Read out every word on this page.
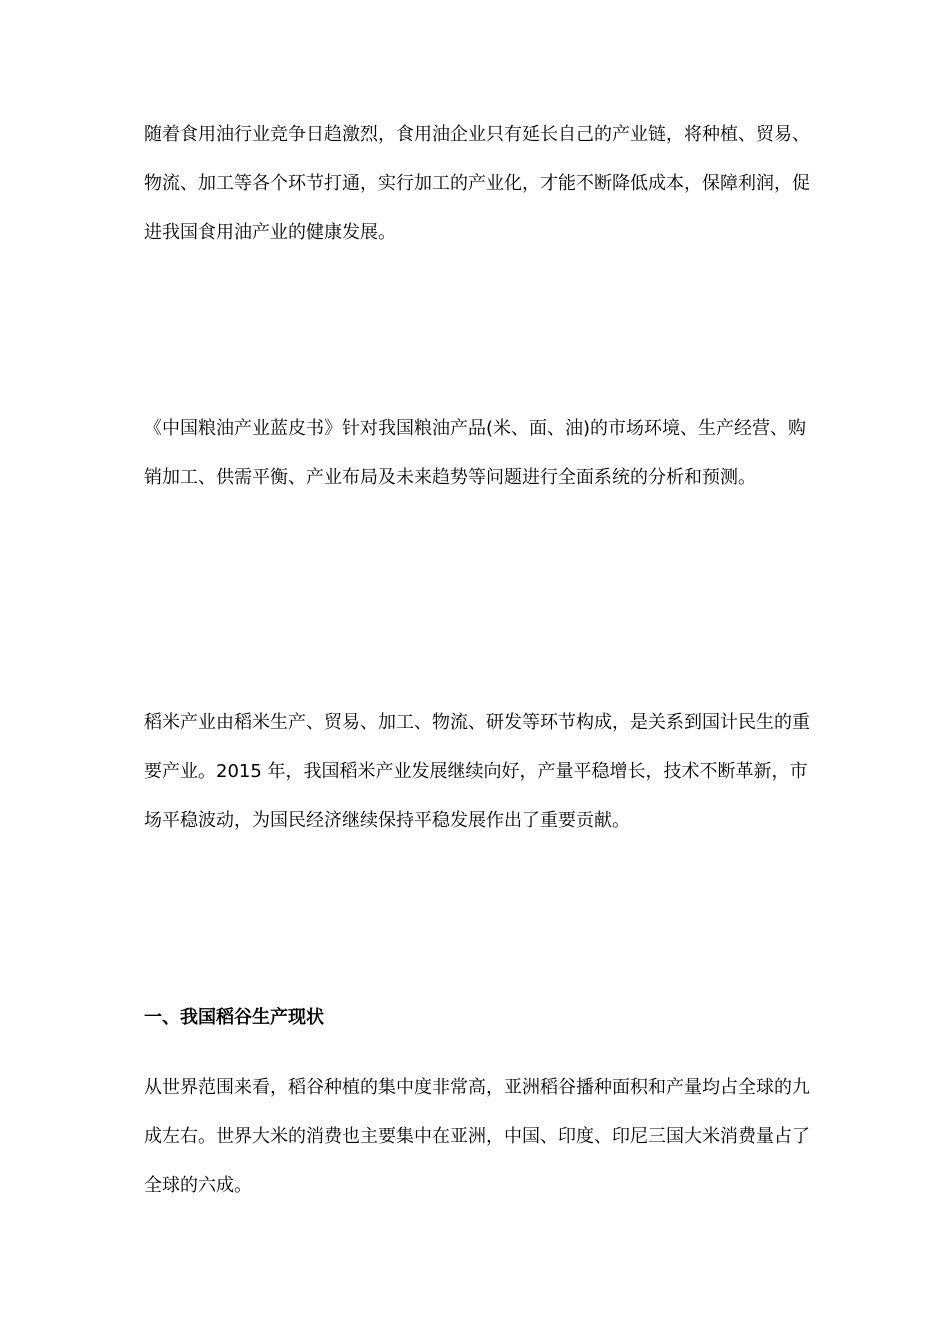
随着食用油行业竞争日趋激烈，食用油企业只有延长自己的产业链，将种植、贸易、物流、加工等各个环节打通，实行加工的产业化，才能不断降低成本，保障利润，促进我国食用油产业的健康发展。

《中国粮油产业蓝皮书》针对我国粮油产品(米、面、油)的市场环境、生产经营、购销加工、供需平衡、产业布局及未来趋势等问题进行全面系统的分析和预测。

稻米产业由稻米生产、贸易、加工、物流、研发等环节构成，是关系到国计民生的重要产业。2015 年，我国稻米产业发展继续向好，产量平稳增长，技术不断革新，市场平稳波动，为国民经济继续保持平稳发展作出了重要贡献。

一、我国稻谷生产现状

从世界范围来看，稻谷种植的集中度非常高，亚洲稻谷播种面积和产量均占全球的九成左右。世界大米的消费也主要集中在亚洲，中国、印度、印尼三国大米消费量占了全球的六成。
